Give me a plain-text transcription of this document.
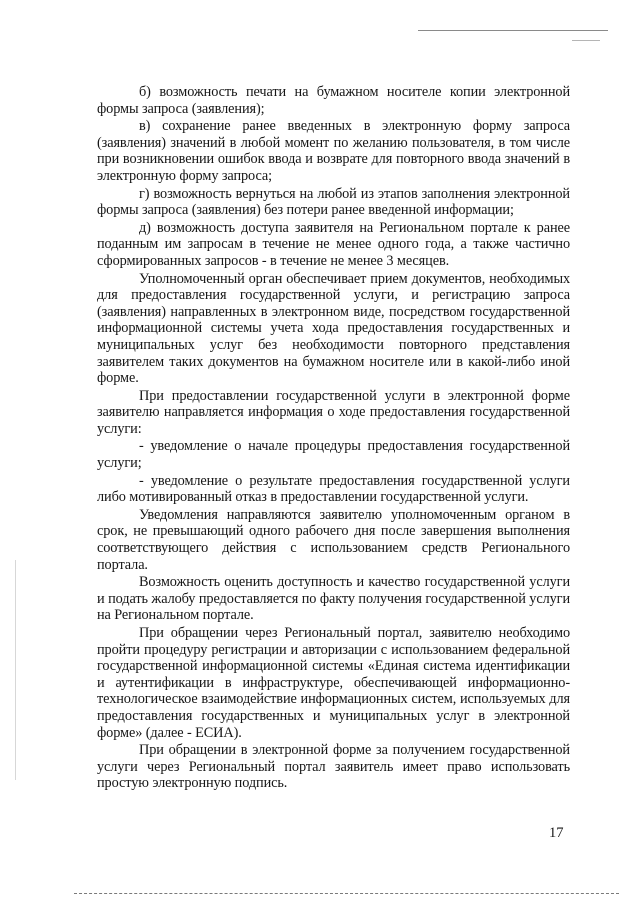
б) возможность печати на бумажном носителе копии электронной формы запроса (заявления);

в) сохранение ранее введенных в электронную форму запроса (заявления) значений в любой момент по желанию пользователя, в том числе при возникновении ошибок ввода и возврате для повторного ввода значений в электронную форму запроса;

г) возможность вернуться на любой из этапов заполнения электронной формы запроса (заявления) без потери ранее введенной информации;

д) возможность доступа заявителя на Региональном портале к ранее поданным им запросам в течение не менее одного года, а также частично сформированных запросов - в течение не менее 3 месяцев.

Уполномоченный орган обеспечивает прием документов, необходимых для предоставления государственной услуги, и регистрацию запроса (заявления) направленных в электронном виде, посредством государственной информационной системы учета хода предоставления государственных и муниципальных услуг без необходимости повторного представления заявителем таких документов на бумажном носителе или в какой-либо иной форме.

При предоставлении государственной услуги в электронной форме заявителю направляется информация о ходе предоставления государственной услуги:

- уведомление о начале процедуры предоставления государственной услуги;

- уведомление о результате предоставления государственной услуги либо мотивированный отказ в предоставлении государственной услуги.

Уведомления направляются заявителю уполномоченным органом в срок, не превышающий одного рабочего дня после завершения выполнения соответствующего действия с использованием средств Регионального портала.

Возможность оценить доступность и качество государственной услуги и подать жалобу предоставляется по факту получения государственной услуги на Региональном портале.

При обращении через Региональный портал, заявителю необходимо пройти процедуру регистрации и авторизации с использованием федеральной государственной информационной системы «Единая система идентификации и аутентификации в инфраструктуре, обеспечивающей информационно-технологическое взаимодействие информационных систем, используемых для предоставления государственных и муниципальных услуг в электронной форме» (далее - ЕСИА).

При обращении в электронной форме за получением государственной услуги через Региональный портал заявитель имеет право использовать простую электронную подпись.

17
